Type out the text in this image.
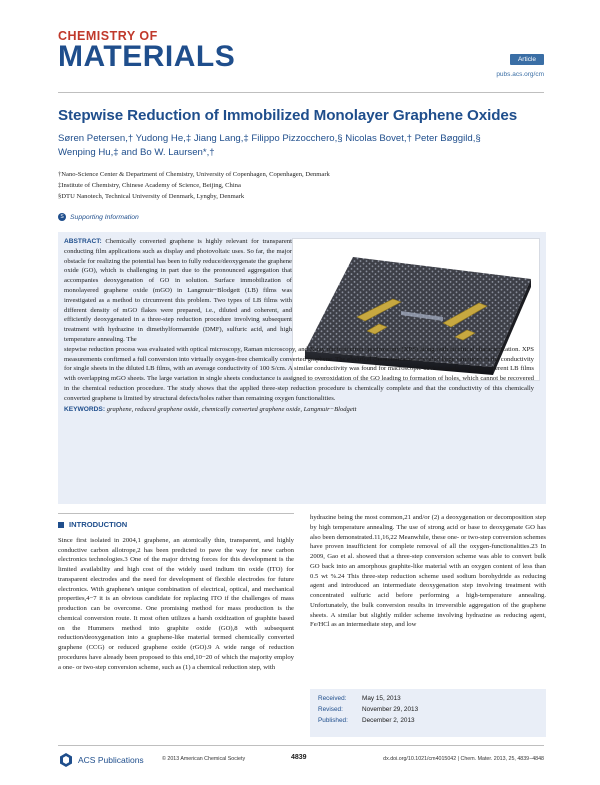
CHEMISTRY OF
MATERIALS	Article
pubs.acs.org/cm
Stepwise Reduction of Immobilized Monolayer Graphene Oxides
Søren Petersen,† Yudong He,‡ Jiang Lang,‡ Filippo Pizzocchero,§ Nicolas Bovet,† Peter Bøggild,§
Wenping Hu,‡ and Bo W. Laursen*,†
†Nano-Science Center & Department of Chemistry, University of Copenhagen, Copenhagen, Denmark
‡Institute of Chemistry, Chinese Academy of Science, Beijing, China
§DTU Nanotech, Technical University of Denmark, Lyngby, Denmark
S Supporting Information
ABSTRACT: Chemically converted graphene is highly relevant for transparent conducting film applications such as display and photovoltaic uses. So far, the major obstacle for realizing the potential has been to fully reduce/deoxygenate the graphene oxide (GO), which is challenging in part due to the pronounced aggregation that accompanies deoxygenation of GO in solution. Surface immobilization of monolayered graphene oxide (mGO) in Langmuir−Blodgett (LB) films was investigated as a method to circumvent this problem. Two types of LB films with different density of mGO flakes were prepared, i.e., diluted and coherent, and efficiently deoxygenated in a three-step reduction procedure involving subsequent treatment with hydrazine in dimethylformamide (DMF), sulfuric acid, and high temperature annealing. The
stepwise reduction process was evaluated with optical microscopy, Raman microscopy, and X-ray photoelectron spectroscopy (XPS) along with electrical characterization. XPS measurements confirmed a full conversion into virtually oxygen-free chemically converted graphene. The electrical characterization revealed large variations in the conductivity for single sheets in the diluted LB films, with an average conductivity of 100 S/cm. A similar conductivity was found for macroscopic devices made from the coherent LB films with overlapping mGO sheets. The large variation in single sheets conductance is assigned to overoxidation of the GO leading to formation of holes, which cannot be recovered in the chemical reduction procedure. The study shows that the applied three-step reduction procedure is chemically complete and that the conductivity of this chemically converted graphene is limited by structural defects/holes rather than remaining oxygen functionalities.
KEYWORDS: graphene, reduced graphene oxide, chemically converted graphene oxide, Langmuir−Blodgett
INTRODUCTION

Since first isolated in 2004,1 graphene, an atomically thin, transparent, and highly conductive carbon allotrope,2 has been predicted to pave the way for new carbon electronics technologies.3 One of the major driving forces for this development is the limited availability and high cost of the widely used indium tin oxide (ITO) for transparent electrodes and the need for development of flexible electrodes for future electronics. With graphene's unique combination of electrical, optical, and mechanical properties,4−7 it is an obvious candidate for replacing ITO if the challenges of mass production can be overcome. One promising method for mass production is the chemical conversion route. It most often utilizes a harsh oxidization of graphite based on the Hummers method into graphite oxide (GO),8 with subsequent reduction/deoxygenation into a graphene-like material termed chemically converted graphene (CCG) or reduced graphene oxide (rGO).9 A wide range of reduction procedures have already been proposed to this end,10−20 of which the majority employ a one- or two-step conversion scheme, such as (1) a chemical reduction step, with

hydrazine being the most common,21 and/or (2) a deoxygenation or decomposition step by high temperature annealing. The use of strong acid or base to deoxygenate GO has also been demonstrated.11,16,22 Meanwhile, these one- or two-step conversion schemes have proven insufficient for complete removal of all the oxygen-functionalities.23 In 2009, Gao et al. showed that a three-step conversion scheme was able to convert bulk GO back into an amorphous graphite-like material with an oxygen content of less than 0.5 wt %.24 This three-step reduction scheme used sodium borohydride as reducing agent and introduced an intermediate deoxygenation step involving treatment with concentrated sulfuric acid before performing a high-temperature annealing. Unfortunately, the bulk conversion results in irreversible aggregation of the graphene sheets. A similar but slightly milder scheme involving hydrazine as reducing agent, Fe/HCl as an intermediate step, and low

Received:	May 15, 2013
Revised:	November 29, 2013
Published:	December 2, 2013
ACS Publications	© 2013 American Chemical Society	4839	dx.doi.org/10.1021/cm4015042 | Chem. Mater. 2013, 25, 4839−4848
